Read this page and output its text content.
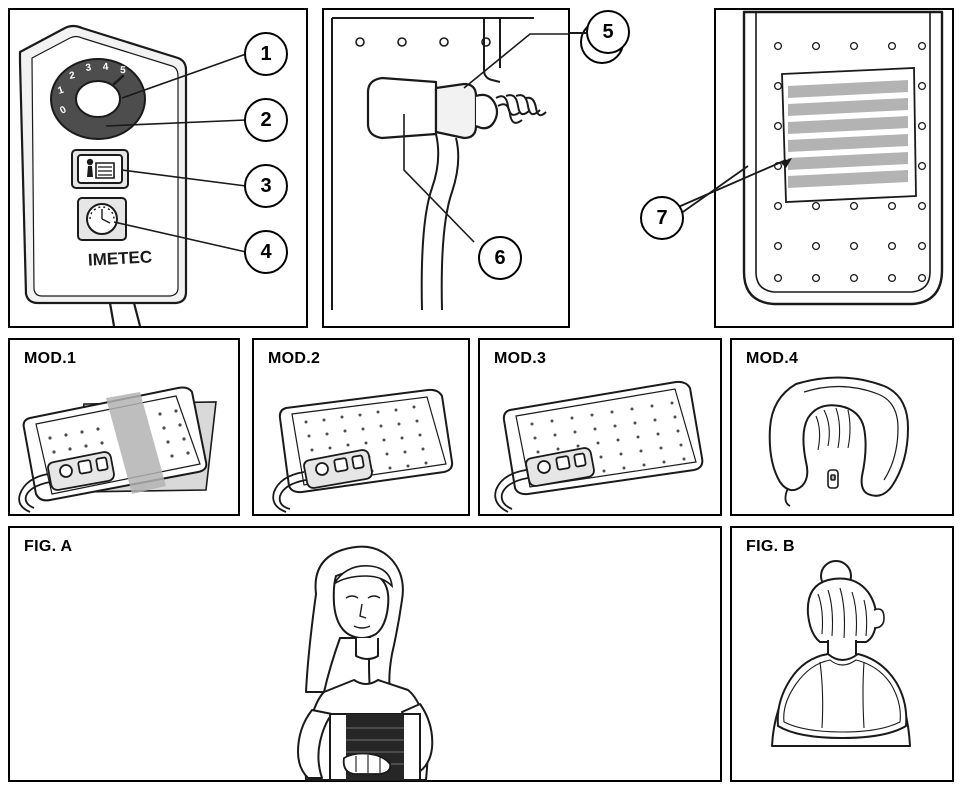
0
1
2
3 4 5
IMETEC
1
2
3
4	6
5
7
MOD.1	MOD.2	MOD.3	MOD.4
FIG. A	FIG. B
